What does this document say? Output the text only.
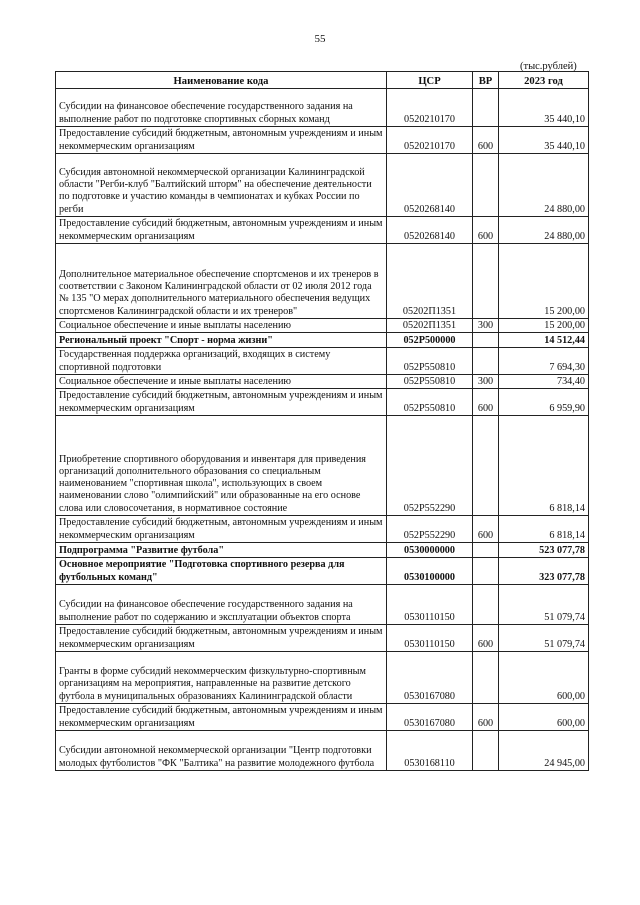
55
(тыс.рублей)
Наименование кода	ЦСР	ВР	2023 год
Субсидии на финансовое обеспечение государственного задания на выполнение работ по подготовке спортивных сборных команд	0520210170		35 440,10
Предоставление субсидий бюджетным, автономным учреждениям и иным некоммерческим организациям	0520210170	600	35 440,10
Субсидия автономной некоммерческой организации Калининградской области "Регби-клуб "Балтийский шторм" на обеспечение деятельности по подготовке и участию команды в чемпионатах и кубках России по регби	0520268140		24 880,00
Предоставление субсидий бюджетным, автономным учреждениям и иным некоммерческим организациям	0520268140	600	24 880,00
Дополнительное материальное обеспечение спортсменов и их тренеров в соответствии с Законом Калининградской области от 02 июля 2012 года № 135 "О мерах дополнительного материального обеспечения ведущих спортсменов Калининградской области и их тренеров"	05202П1351		15 200,00
Социальное обеспечение и иные выплаты населению	05202П1351	300	15 200,00
Региональный проект "Спорт - норма жизни"	052Р500000		14 512,44
Государственная поддержка организаций, входящих в систему спортивной подготовки	052Р550810		7 694,30
Социальное обеспечение и иные выплаты населению	052Р550810	300	734,40
Предоставление субсидий бюджетным, автономным учреждениям и иным некоммерческим организациям	052Р550810	600	6 959,90
Приобретение спортивного оборудования и инвентаря для приведения организаций дополнительного образования со специальным наименованием "спортивная школа", использующих в своем наименовании слово "олимпийский" или образованные на его основе слова или словосочетания, в нормативное состояние	052Р552290		6 818,14
Предоставление субсидий бюджетным, автономным учреждениям и иным некоммерческим организациям	052Р552290	600	6 818,14
Подпрограмма "Развитие футбола"	0530000000		523 077,78
Основное мероприятие "Подготовка спортивного резерва для футбольных команд"	0530100000		323 077,78
Субсидии на финансовое обеспечение государственного задания на выполнение работ по содержанию и эксплуатации объектов спорта	0530110150		51 079,74
Предоставление субсидий бюджетным, автономным учреждениям и иным некоммерческим организациям	0530110150	600	51 079,74
Гранты в форме субсидий некоммерческим физкультурно-спортивным организациям на мероприятия, направленные на развитие детского футбола в муниципальных образованиях Калининградской области	0530167080		600,00
Предоставление субсидий бюджетным, автономным учреждениям и иным некоммерческим организациям	0530167080	600	600,00
Субсидии автономной некоммерческой организации "Центр подготовки молодых футболистов "ФК "Балтика" на развитие молодежного футбола	0530168110		24 945,00
